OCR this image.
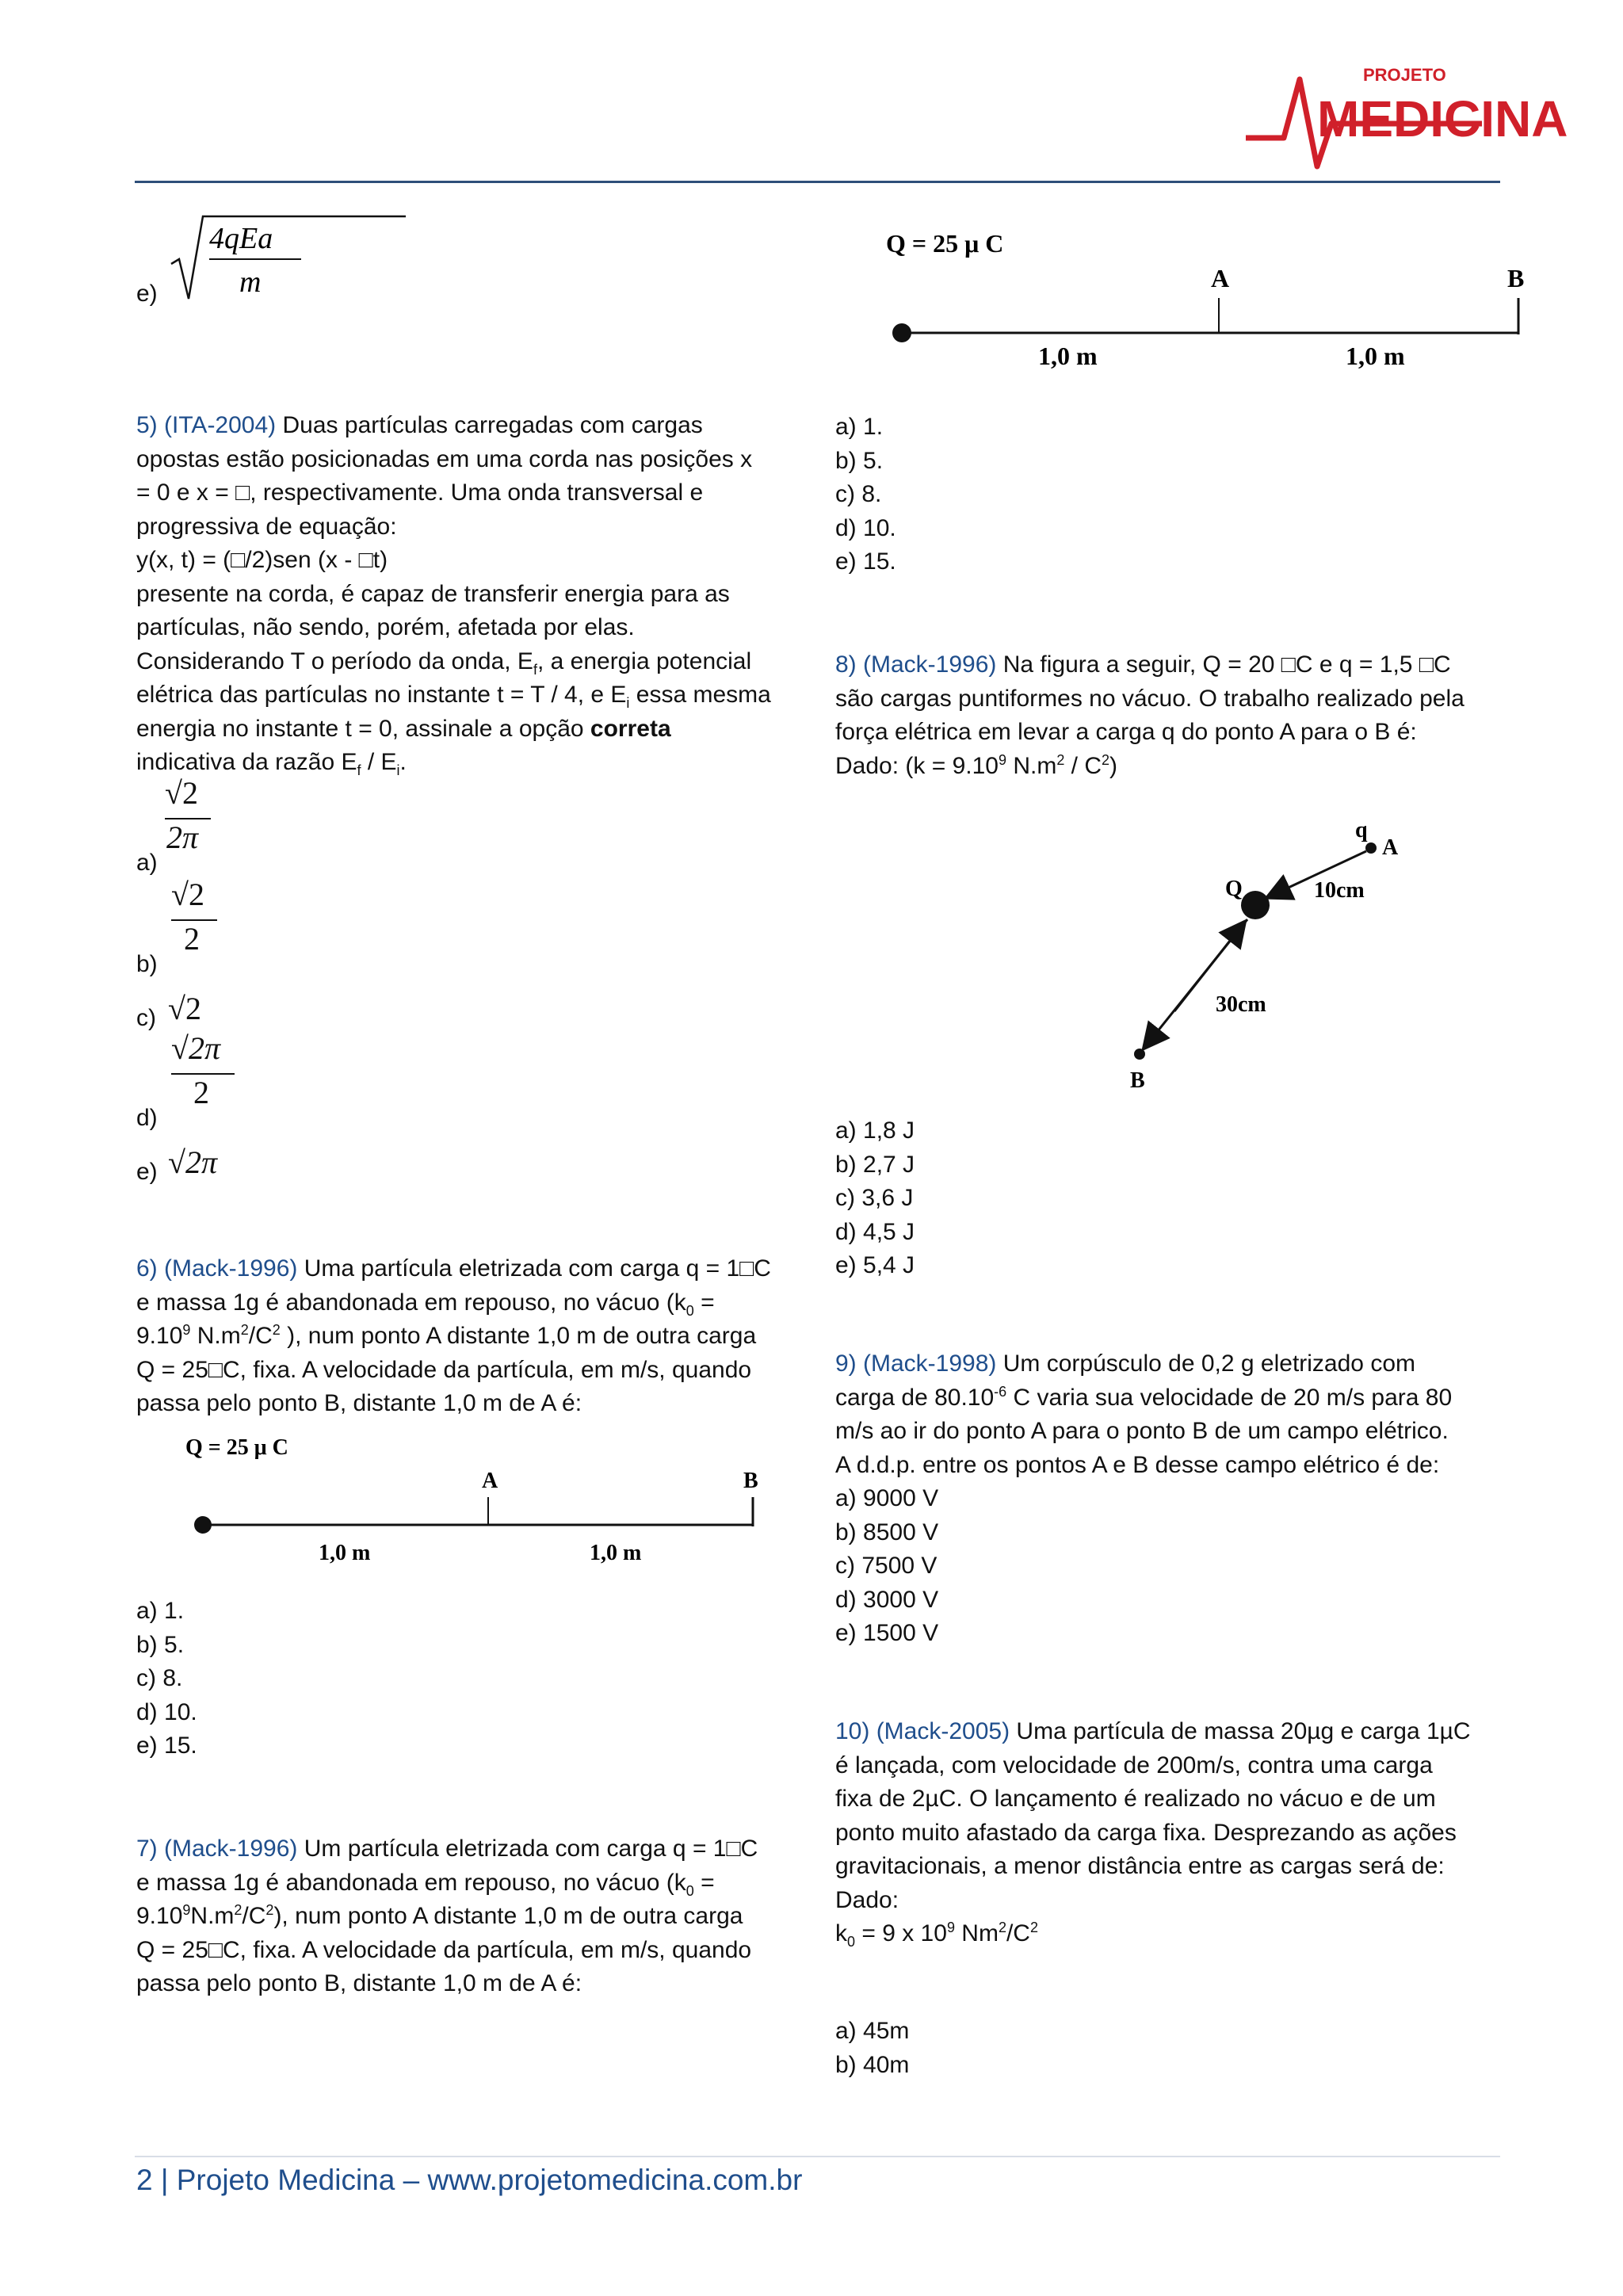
PROJETO
MEDICINA
e)
4qEa
m
5) (ITA-2004) Duas partículas carregadas com cargas
opostas estão posicionadas em uma corda nas posições x
= 0 e x = □, respectivamente. Uma onda transversal e
progressiva de equação:
y(x, t) = (□/2)sen (x - □t)
presente na corda, é capaz de transferir energia para as
partículas, não sendo, porém, afetada por elas.
Considerando T o período da onda, $E_f$, a energia potencial
elétrica das partículas no instante t = T / 4, e $E_i$ essa mesma
energia no instante t = 0, assinale a opção correta
indicativa da razão $E_f / E_i$.
a)
√2
2π
b)
√2
2
c) √2
d)
√2π
2
e) √2π
6) (Mack-1996) Uma partícula eletrizada com carga q = 1□C
e massa 1g é abandonada em repouso, no vácuo ($k_0$ =
$9.10^9$ $N.m^2/C^2$ ), num ponto A distante 1,0 m de outra carga
Q = 25□C, fixa. A velocidade da partícula, em m/s, quando
passa pelo ponto B, distante 1,0 m de A é:
Q = 25 μ C
A	B
1,0 m	1,0 m
a) 1.
b) 5.
c) 8.
d) 10.
e) 15.
7) (Mack-1996) Um partícula eletrizada com carga q = 1□C
e massa 1g é abandonada em repouso, no vácuo ($k_0$ =
$9.10^9N.m^2/C^2$), num ponto A distante 1,0 m de outra carga
Q = 25□C, fixa. A velocidade da partícula, em m/s, quando
passa pelo ponto B, distante 1,0 m de A é:
Q = 25 μ C
A	B
1,0 m	1,0 m
a) 1.
b) 5.
c) 8.
d) 10.
e) 15.
8) (Mack-1996) Na figura a seguir, Q = 20 □C e q = 1,5 □C
são cargas puntiformes no vácuo. O trabalho realizado pela
força elétrica em levar a carga q do ponto A para o B é:
Dado: ($k = 9.10^9$ $N.m^2 / C^2$)
q
A
Q	10cm
30cm
B
a) 1,8 J
b) 2,7 J
c) 3,6 J
d) 4,5 J
e) 5,4 J
9) (Mack-1998) Um corpúsculo de 0,2 g eletrizado com
carga de $80.10^{-6}$ C varia sua velocidade de 20 m/s para 80
m/s ao ir do ponto A para o ponto B de um campo elétrico.
A d.d.p. entre os pontos A e B desse campo elétrico é de:
a) 9000 V
b) 8500 V
c) 7500 V
d) 3000 V
e) 1500 V
10) (Mack-2005) Uma partícula de massa 20µg e carga 1µC
é lançada, com velocidade de 200m/s, contra uma carga
fixa de 2µC. O lançamento é realizado no vácuo e de um
ponto muito afastado da carga fixa. Desprezando as ações
gravitacionais, a menor distância entre as cargas será de:
Dado:
$k_0 = 9$ x $10^9$ $Nm^2/C^2$
a) 45m
b) 40m
2 | Projeto Medicina – www.projetomedicina.com.br
